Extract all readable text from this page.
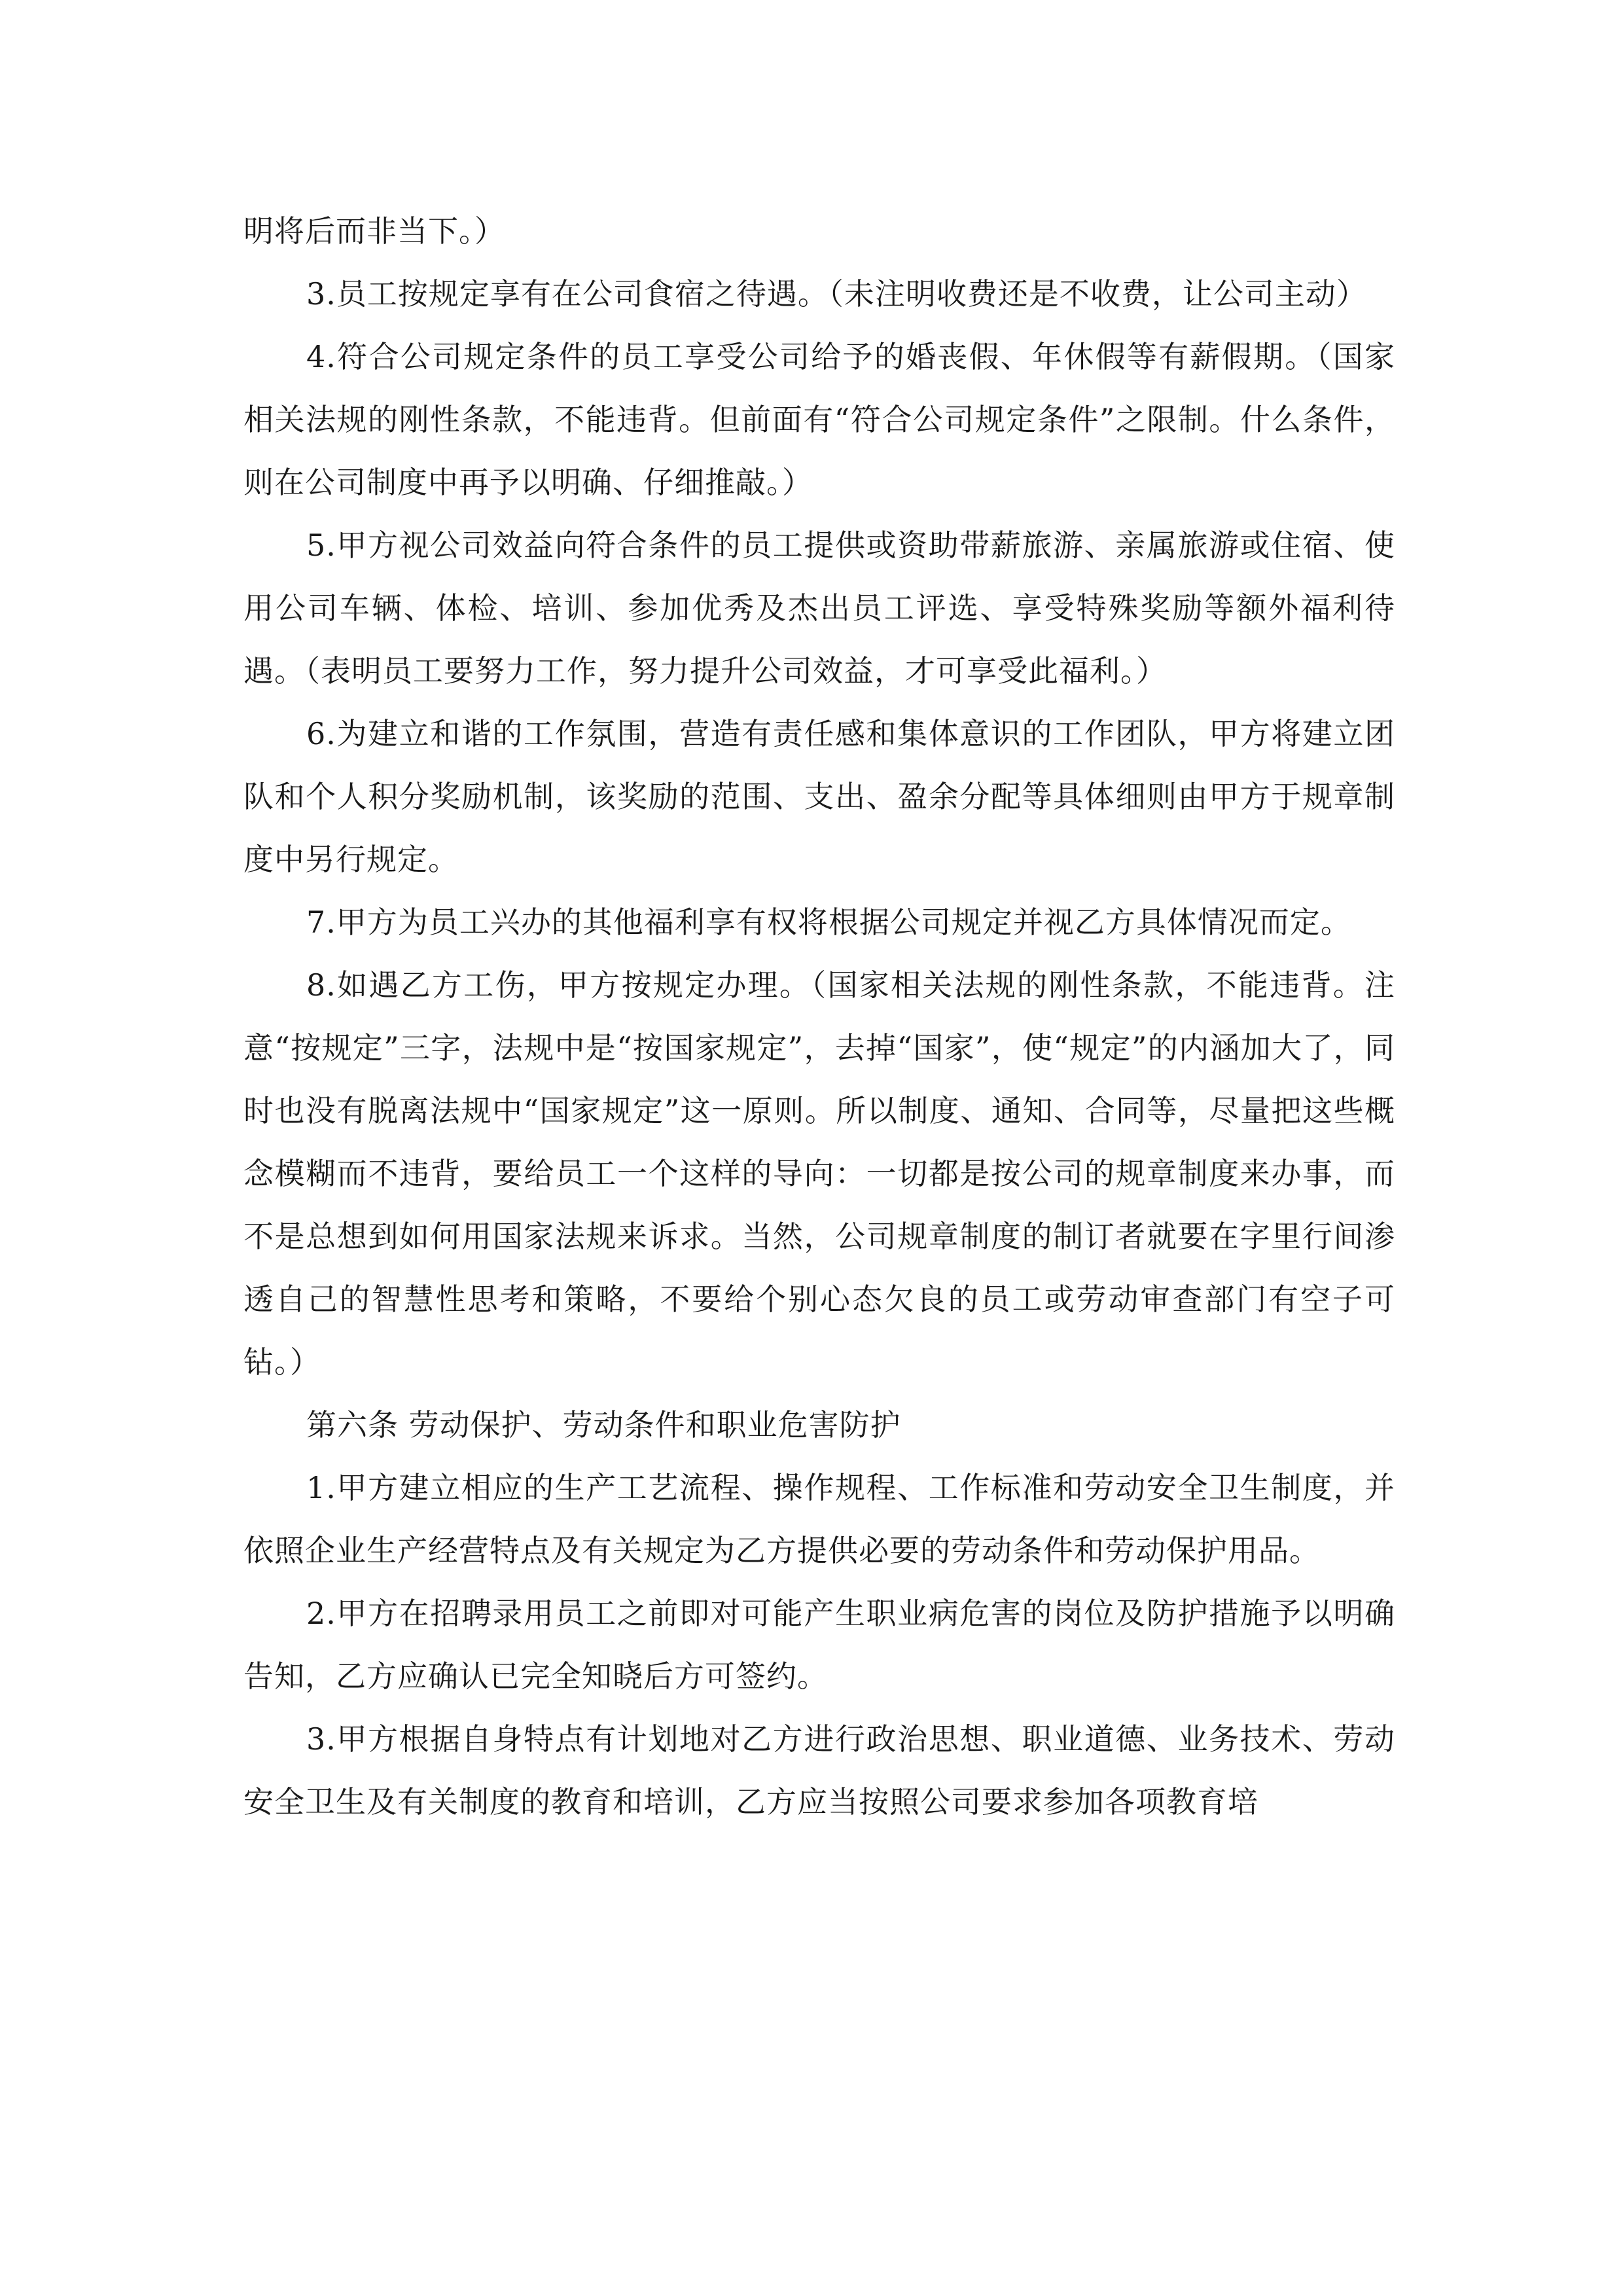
明将后而非当下。）

3.员工按规定享有在公司食宿之待遇。（未注明收费还是不收费，让公司主动）

4.符合公司规定条件的员工享受公司给予的婚丧假、年休假等有薪假期。（国家相关法规的刚性条款，不能违背。但前面有“符合公司规定条件”之限制。什么条件，则在公司制度中再予以明确、仔细推敲。）

5.甲方视公司效益向符合条件的员工提供或资助带薪旅游、亲属旅游或住宿、使用公司车辆、体检、培训、参加优秀及杰出员工评选、享受特殊奖励等额外福利待遇。（表明员工要努力工作，努力提升公司效益，才可享受此福利。）

6.为建立和谐的工作氛围，营造有责任感和集体意识的工作团队，甲方将建立团队和个人积分奖励机制，该奖励的范围、支出、盈余分配等具体细则由甲方于规章制度中另行规定。

7.甲方为员工兴办的其他福利享有权将根据公司规定并视乙方具体情况而定。

8.如遇乙方工伤，甲方按规定办理。（国家相关法规的刚性条款，不能违背。注意“按规定”三字，法规中是“按国家规定”，去掉“国家”，使“规定”的内涵加大了，同时也没有脱离法规中“国家规定”这一原则。所以制度、通知、合同等，尽量把这些概念模糊而不违背，要给员工一个这样的导向：一切都是按公司的规章制度来办事，而不是总想到如何用国家法规来诉求。当然，公司规章制度的制订者就要在字里行间渗透自己的智慧性思考和策略，不要给个别心态欠良的员工或劳动审查部门有空子可钻。）

第六条 劳动保护、劳动条件和职业危害防护

1.甲方建立相应的生产工艺流程、操作规程、工作标准和劳动安全卫生制度，并依照企业生产经营特点及有关规定为乙方提供必要的劳动条件和劳动保护用品。

2.甲方在招聘录用员工之前即对可能产生职业病危害的岗位及防护措施予以明确告知，乙方应确认已完全知晓后方可签约。

3.甲方根据自身特点有计划地对乙方进行政治思想、职业道德、业务技术、劳动安全卫生及有关制度的教育和培训，乙方应当按照公司要求参加各项教育培
